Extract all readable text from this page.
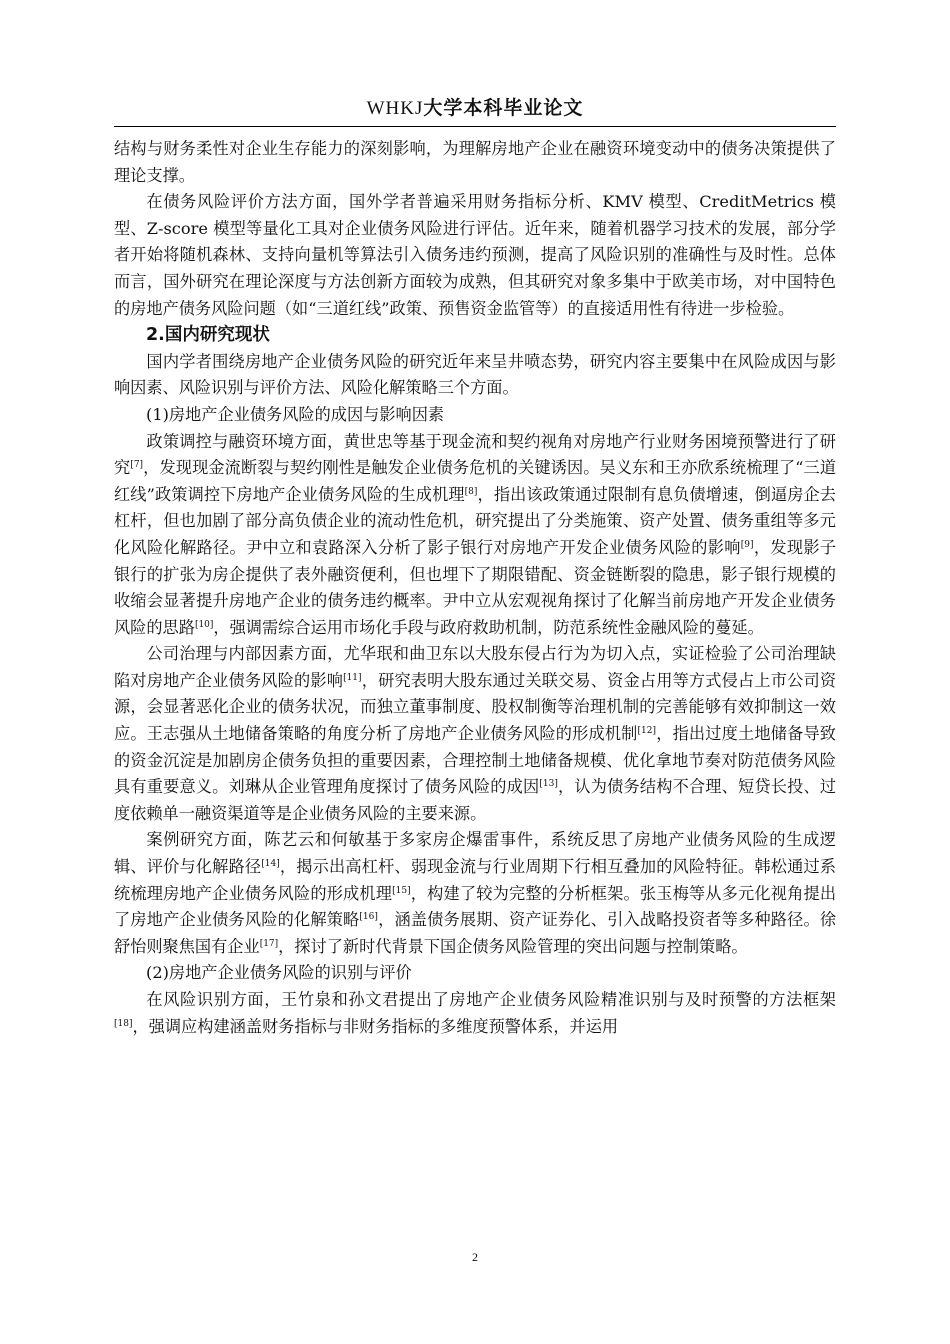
WHKJ大学本科毕业论文

结构与财务柔性对企业生存能力的深刻影响，为理解房地产企业在融资环境变动中的债务决策提供了理论支撑。

在债务风险评价方法方面，国外学者普遍采用财务指标分析、KMV 模型、CreditMetrics 模型、Z-score 模型等量化工具对企业债务风险进行评估。近年来，随着机器学习技术的发展，部分学者开始将随机森林、支持向量机等算法引入债务违约预测，提高了风险识别的准确性与及时性。总体而言，国外研究在理论深度与方法创新方面较为成熟，但其研究对象多集中于欧美市场，对中国特色的房地产债务风险问题（如“三道红线”政策、预售资金监管等）的直接适用性有待进一步检验。

2.国内研究现状

国内学者围绕房地产企业债务风险的研究近年来呈井喷态势，研究内容主要集中在风险成因与影响因素、风险识别与评价方法、风险化解策略三个方面。

(1)房地产企业债务风险的成因与影响因素

政策调控与融资环境方面，黄世忠等基于现金流和契约视角对房地产行业财务困境预警进行了研究[7]，发现现金流断裂与契约刚性是触发企业债务危机的关键诱因。吴义东和王亦欣系统梳理了“三道红线”政策调控下房地产企业债务风险的生成机理[8]，指出该政策通过限制有息负债增速，倒逼房企去杠杆，但也加剧了部分高负债企业的流动性危机，研究提出了分类施策、资产处置、债务重组等多元化风险化解路径。尹中立和袁路深入分析了影子银行对房地产开发企业债务风险的影响[9]，发现影子银行的扩张为房企提供了表外融资便利，但也埋下了期限错配、资金链断裂的隐患，影子银行规模的收缩会显著提升房地产企业的债务违约概率。尹中立从宏观视角探讨了化解当前房地产开发企业债务风险的思路[10]，强调需综合运用市场化手段与政府救助机制，防范系统性金融风险的蔓延。

公司治理与内部因素方面，尤华珉和曲卫东以大股东侵占行为为切入点，实证检验了公司治理缺陷对房地产企业债务风险的影响[11]，研究表明大股东通过关联交易、资金占用等方式侵占上市公司资源，会显著恶化企业的债务状况，而独立董事制度、股权制衡等治理机制的完善能够有效抑制这一效应。王志强从土地储备策略的角度分析了房地产企业债务风险的形成机制[12]，指出过度土地储备导致的资金沉淀是加剧房企债务负担的重要因素，合理控制土地储备规模、优化拿地节奏对防范债务风险具有重要意义。刘琳从企业管理角度探讨了债务风险的成因[13]，认为债务结构不合理、短贷长投、过度依赖单一融资渠道等是企业债务风险的主要来源。

案例研究方面，陈艺云和何敏基于多家房企爆雷事件，系统反思了房地产业债务风险的生成逻辑、评价与化解路径[14]，揭示出高杠杆、弱现金流与行业周期下行相互叠加的风险特征。韩松通过系统梳理房地产企业债务风险的形成机理[15]，构建了较为完整的分析框架。张玉梅等从多元化视角提出了房地产企业债务风险的化解策略[16]，涵盖债务展期、资产证券化、引入战略投资者等多种路径。徐舒怡则聚焦国有企业[17]，探讨了新时代背景下国企债务风险管理的突出问题与控制策略。

(2)房地产企业债务风险的识别与评价

在风险识别方面，王竹泉和孙文君提出了房地产企业债务风险精准识别与及时预警的方法框架[18]，强调应构建涵盖财务指标与非财务指标的多维度预警体系，并运用

2
